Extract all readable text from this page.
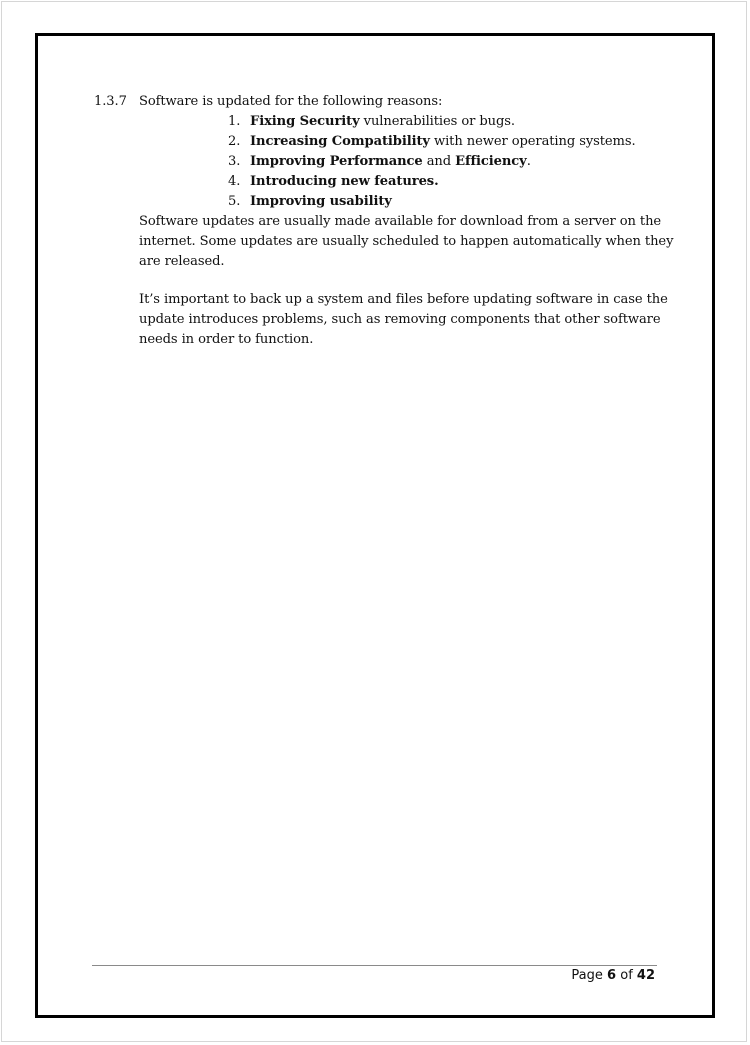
1.3.7 Software is updated for the following reasons:
1. Fixing Security vulnerabilities or bugs.
2. Increasing Compatibility with newer operating systems.
3. Improving Performance and Efficiency.
4. Introducing new features.
5. Improving usability

Software updates are usually made available for download from a server on the
internet. Some updates are usually scheduled to happen automatically when they
are released.

It’s important to back up a system and files before updating software in case the
update introduces problems, such as removing components that other software
needs in order to function.

Page 6 of 42
